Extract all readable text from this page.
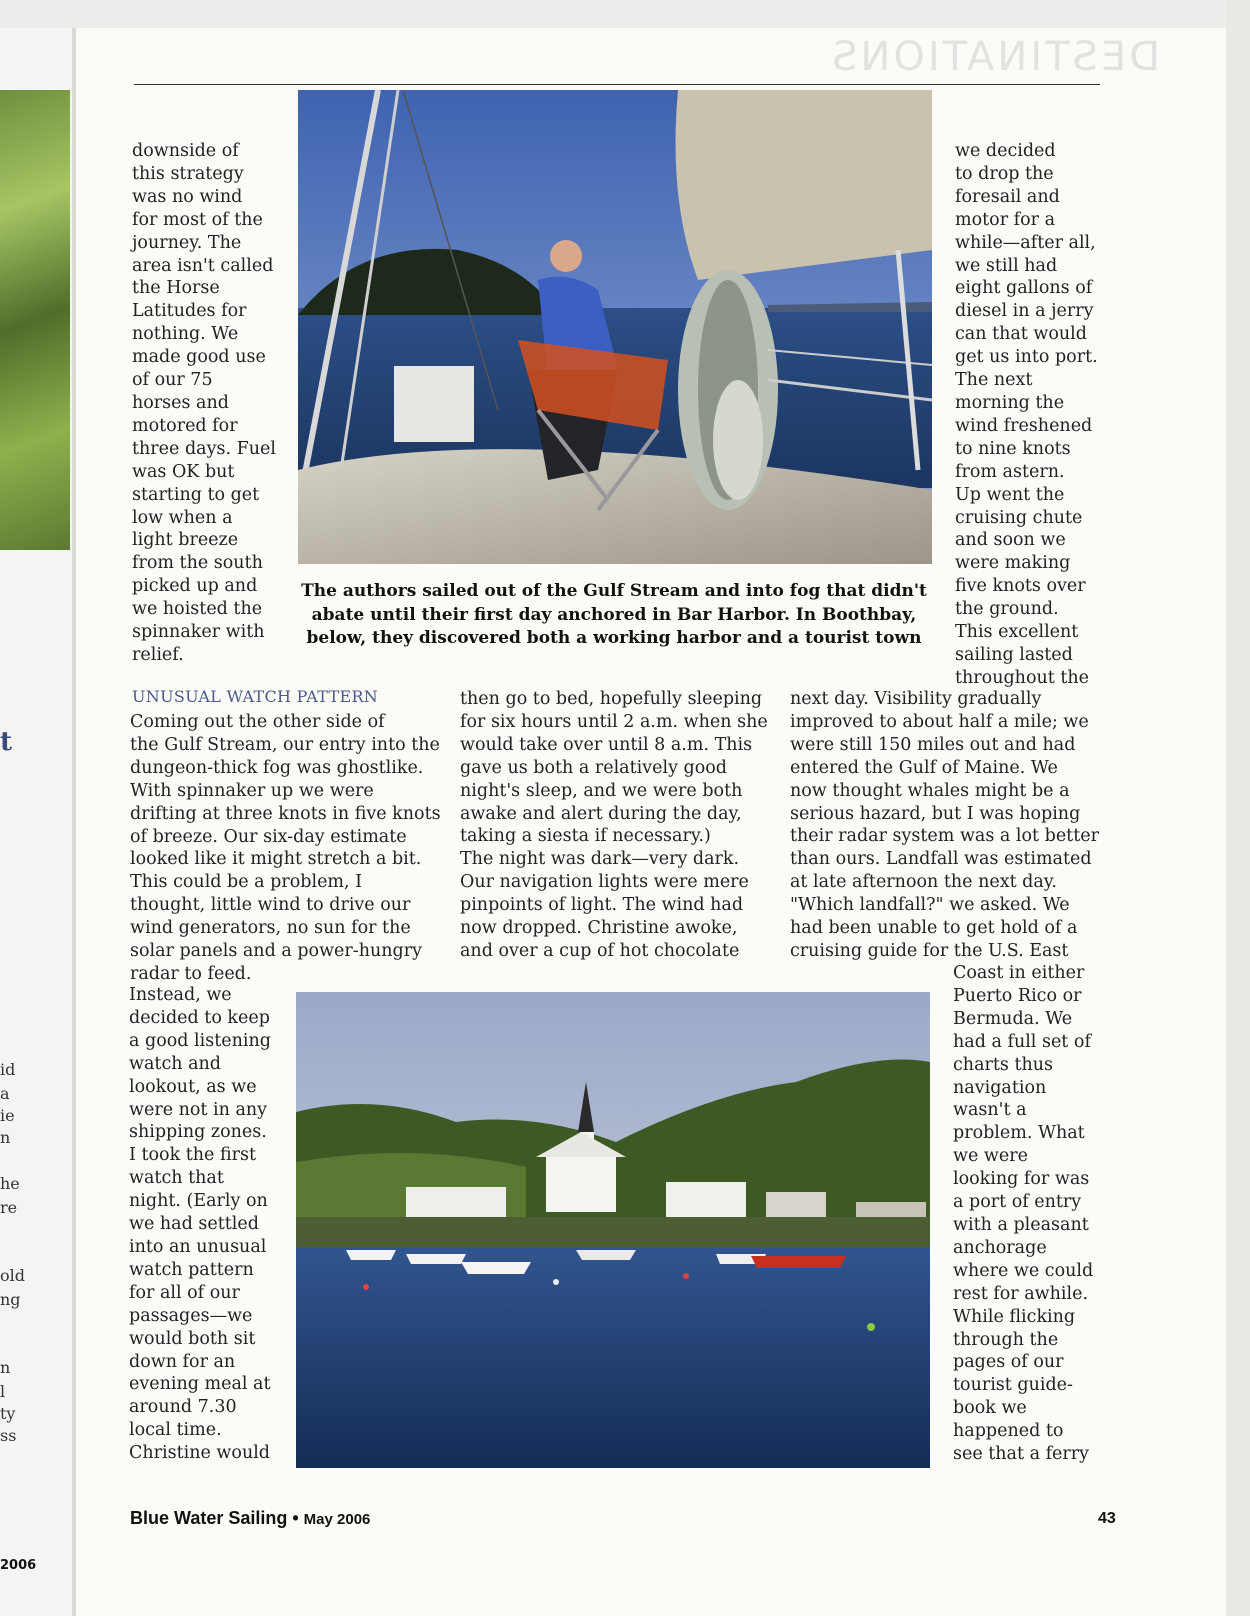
t
id
a
ie
n
he
re
old
ng
n
l
ty
ss
2006
DESTINATIONS

downside of
this strategy
was no wind
for most of the
journey. The
area isn't called
the Horse
Latitudes for
nothing. We
made good use
of our 75
horses and
motored for
three days. Fuel
was OK but
starting to get
low when a
light breeze
from the south
picked up and
we hoisted the
spinnaker with
relief.

we decided
to drop the
foresail and
motor for a
while—after all,
we still had
eight gallons of
diesel in a jerry
can that would
get us into port.
The next
morning the
wind freshened
to nine knots
from astern.
Up went the
cruising chute
and soon we
were making
five knots over
the ground.
This excellent
sailing lasted
throughout the

The authors sailed out of the Gulf Stream and into fog that didn't abate until their first day anchored in Bar Harbor. In Boothbay, below, they discovered both a working harbor and a tourist town

UNUSUAL WATCH PATTERN

Coming out the other side of
the Gulf Stream, our entry into the
dungeon-thick fog was ghostlike.
With spinnaker up we were
drifting at three knots in five knots
of breeze. Our six-day estimate
looked like it might stretch a bit.
This could be a problem, I
thought, little wind to drive our
wind generators, no sun for the
solar panels and a power-hungry
radar to feed.

then go to bed, hopefully sleeping
for six hours until 2 a.m. when she
would take over until 8 a.m. This
gave us both a relatively good
night's sleep, and we were both
awake and alert during the day,
taking a siesta if necessary.)
The night was dark—very dark.
Our navigation lights were mere
pinpoints of light. The wind had
now dropped. Christine awoke,
and over a cup of hot chocolate

next day. Visibility gradually
improved to about half a mile; we
were still 150 miles out and had
entered the Gulf of Maine. We
now thought whales might be a
serious hazard, but I was hoping
their radar system was a lot better
than ours. Landfall was estimated
at late afternoon the next day.
"Which landfall?" we asked. We
had been unable to get hold of a
cruising guide for the U.S. East

Instead, we
decided to keep
a good listening
watch and
lookout, as we
were not in any
shipping zones.
I took the first
watch that
night. (Early on
we had settled
into an unusual
watch pattern
for all of our
passages—we
would both sit
down for an
evening meal at
around 7.30
local time.
Christine would

Coast in either
Puerto Rico or
Bermuda. We
had a full set of
charts thus
navigation
wasn't a
problem. What
we were
looking for was
a port of entry
with a pleasant
anchorage
where we could
rest for awhile.
While flicking
through the
pages of our
tourist guide-
book we
happened to
see that a ferry

Blue Water Sailing • May 2006	43
